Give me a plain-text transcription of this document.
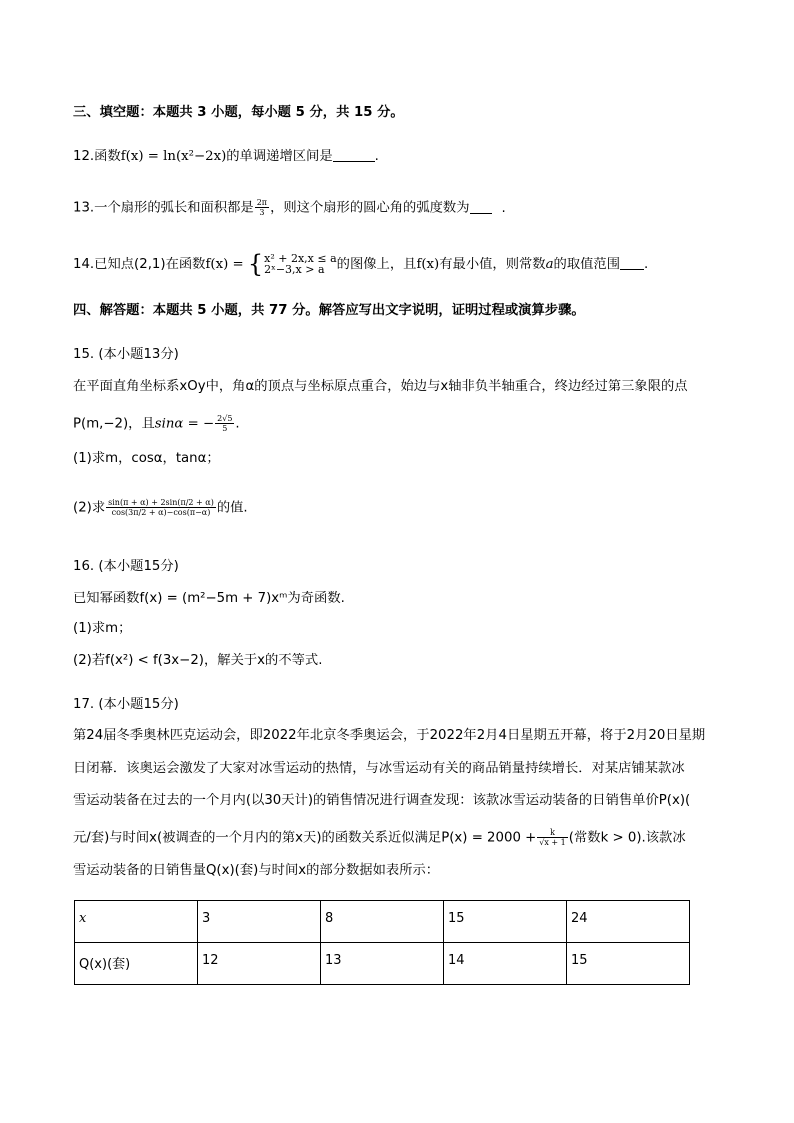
三、填空题：本题共 3 小题，每小题 5 分，共 15 分。
12.函数f(x) = ln(x²−2x)的单调递增区间是	.
13.一个扇形的弧长和面积都是 $\frac{2\pi}{3}$ ，则这个扇形的圆心角的弧度数为 .
14.已知点(2,1)在函数f(x) = { x² + 2x,x ≤ a
2ˣ−3,x > a 的图像上，且f(x)有最小值，则常数a的取值范围 .
四、解答题：本题共 5 小题，共 77 分。解答应写出文字说明，证明过程或演算步骤。
15. (本小题13分)
在平面直角坐标系xOy中，角α的顶点与坐标原点重合，始边与x轴非负半轴重合，终边经过第三象限的点
P(m,−2)，且sinα = − $\frac{2√5}{5}$ .
(1)求m，cosα，tanα；
(2)求 $\frac{\sin(\pi + \alpha) + 2\sin(\pi/2 + \alpha)}{\cos(3\pi/2 + \alpha)-\cos(\pi-\alpha)}$ 的值.
16. (本小题15分)
已知幂函数f(x) = (m²−5m + 7)xᵐ为奇函数.
(1)求m；
(2)若f(x²) < f(3x−2)，解关于x的不等式.
17. (本小题15分)
第24届冬季奥林匹克运动会，即2022年北京冬季奥运会，于2022年2月4日星期五开幕，将于2月20日星期
日闭幕．该奥运会激发了大家对冰雪运动的热情，与冰雪运动有关的商品销量持续增长．对某店铺某款冰
雪运动装备在过去的一个月内(以30天计)的销售情况进行调查发现：该款冰雪运动装备的日销售单价P(x)(
元/套)与时间x(被调查的一个月内的第x天)的函数关系近似满足$P(x) = 2000 + \frac{k}{√x + 1}$ (常数k > 0).该款冰
雪运动装备的日销售量Q(x)(套)与时间x的部分数据如表所示：
x	3	8	15	24
Q(x)(套)	12	13	14	15
